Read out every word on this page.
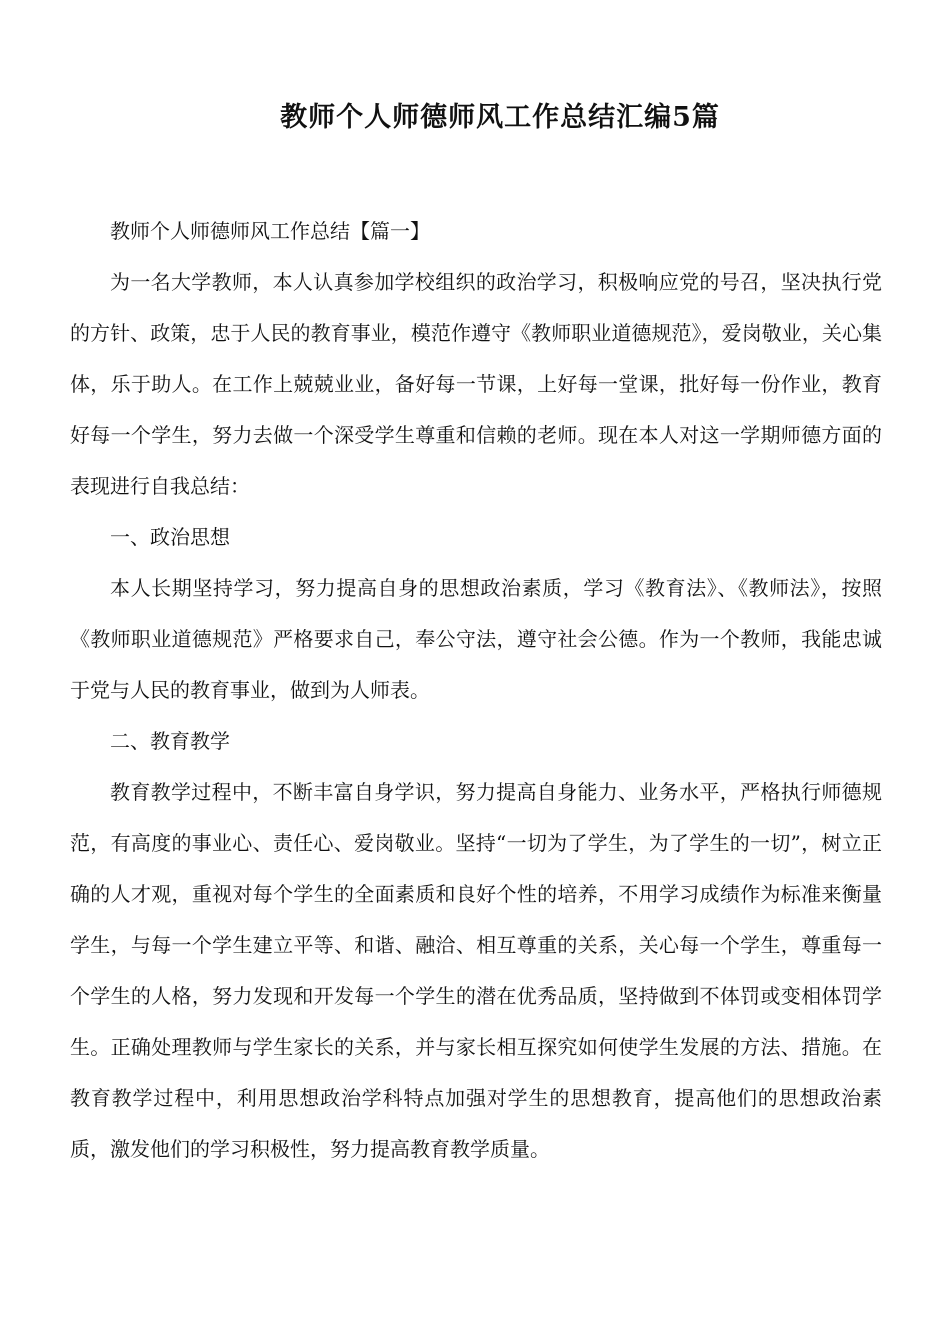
教师个人师德师风工作总结汇编5篇

教师个人师德师风工作总结【篇一】

为一名大学教师，本人认真参加学校组织的政治学习，积极响应党的号召，坚决执行党的方针、政策，忠于人民的教育事业，模范作遵守《教师职业道德规范》，爱岗敬业，关心集体，乐于助人。在工作上兢兢业业，备好每一节课，上好每一堂课，批好每一份作业，教育好每一个学生，努力去做一个深受学生尊重和信赖的老师。现在本人对这一学期师德方面的表现进行自我总结：

一、政治思想

本人长期坚持学习，努力提高自身的思想政治素质，学习《教育法》、《教师法》，按照《教师职业道德规范》严格要求自己，奉公守法，遵守社会公德。作为一个教师，我能忠诚于党与人民的教育事业，做到为人师表。

二、教育教学

教育教学过程中，不断丰富自身学识，努力提高自身能力、业务水平，严格执行师德规范，有高度的事业心、责任心、爱岗敬业。坚持“一切为了学生，为了学生的一切”，树立正确的人才观，重视对每个学生的全面素质和良好个性的培养，不用学习成绩作为标准来衡量学生，与每一个学生建立平等、和谐、融洽、相互尊重的关系，关心每一个学生，尊重每一个学生的人格，努力发现和开发每一个学生的潜在优秀品质，坚持做到不体罚或变相体罚学生。正确处理教师与学生家长的关系，并与家长相互探究如何使学生发展的方法、措施。在教育教学过程中，利用思想政治学科特点加强对学生的思想教育，提高他们的思想政治素质，激发他们的学习积极性，努力提高教育教学质量。
